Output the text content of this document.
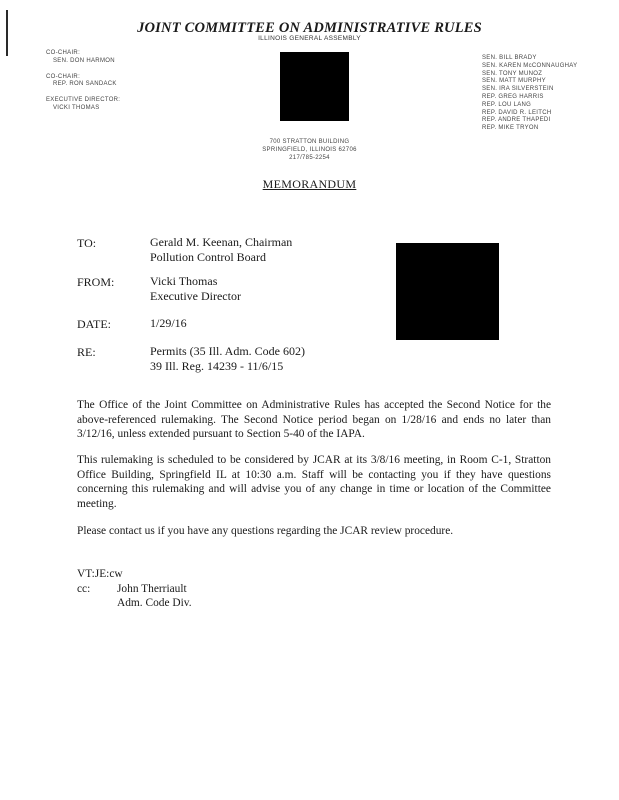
JOINT COMMITTEE ON ADMINISTRATIVE RULES
ILLINOIS GENERAL ASSEMBLY
CO-CHAIR:
SEN. DON HARMON
CO-CHAIR:
REP. RON SANDACK
EXECUTIVE DIRECTOR:
VICKI THOMAS
SEN. BILL BRADY
SEN. KAREN McCONNAUGHAY
SEN. TONY MUNOZ
SEN. MATT MURPHY
SEN. IRA SILVERSTEIN
REP. GREG HARRIS
REP. LOU LANG
REP. DAVID R. LEITCH
REP. ANDRE THAPEDI
REP. MIKE TRYON
700 STRATTON BUILDING
SPRINGFIELD, ILLINOIS 62706
217/785-2254
MEMORANDUM
TO:	Gerald M. Keenan, Chairman
Pollution Control Board
FROM:	Vicki Thomas
Executive Director
DATE:	1/29/16
RE:	Permits (35 Ill. Adm. Code 602)
39 Ill. Reg. 14239 - 11/6/15
The Office of the Joint Committee on Administrative Rules has accepted the Second Notice for the above-referenced rulemaking. The Second Notice period began on 1/28/16 and ends no later than 3/12/16, unless extended pursuant to Section 5-40 of the IAPA.
This rulemaking is scheduled to be considered by JCAR at its 3/8/16 meeting, in Room C-1, Stratton Office Building, Springfield IL at 10:30 a.m. Staff will be contacting you if they have questions concerning this rulemaking and will advise you of any change in time or location of the Committee meeting.
Please contact us if you have any questions regarding the JCAR review procedure.
VT:JE:cw
cc:	John Therriault
Adm. Code Div.
